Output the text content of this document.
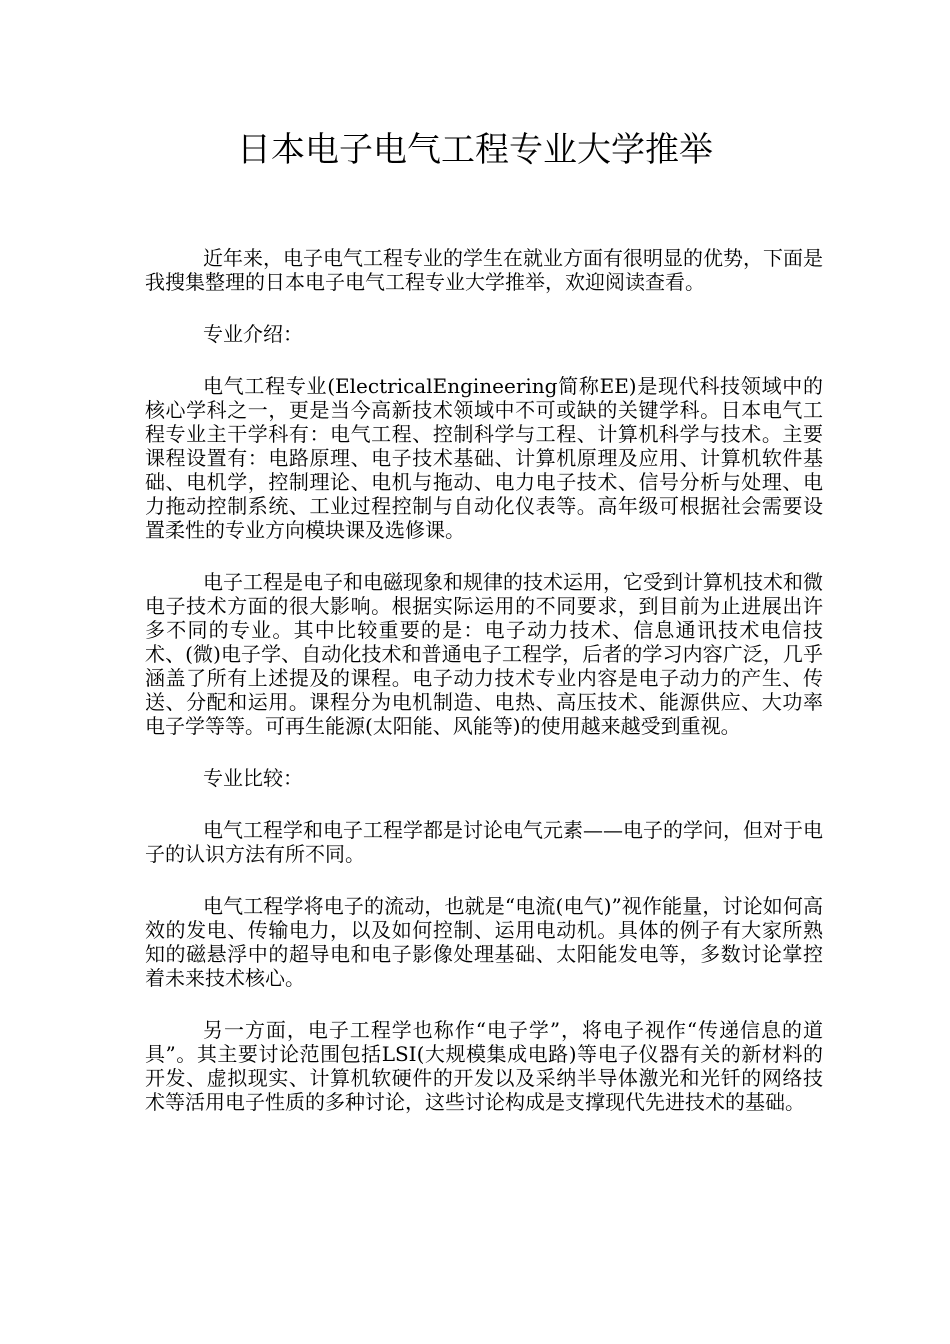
日本电子电气工程专业大学推举

近年来，电子电气工程专业的学生在就业方面有很明显的优势，下面是我搜集整理的日本电子电气工程专业大学推举，欢迎阅读查看。

专业介绍：

电气工程专业(ElectricalEngineering简称EE)是现代科技领域中的核心学科之一，更是当今高新技术领域中不可或缺的关键学科。日本电气工程专业主干学科有：电气工程、控制科学与工程、计算机科学与技术。主要课程设置有：电路原理、电子技术基础、计算机原理及应用、计算机软件基础、电机学，控制理论、电机与拖动、电力电子技术、信号分析与处理、电力拖动控制系统、工业过程控制与自动化仪表等。高年级可根据社会需要设置柔性的专业方向模块课及选修课。

电子工程是电子和电磁现象和规律的技术运用，它受到计算机技术和微电子技术方面的很大影响。根据实际运用的不同要求，到目前为止进展出许多不同的专业。其中比较重要的是：电子动力技术、信息通讯技术电信技术、(微)电子学、自动化技术和普通电子工程学，后者的学习内容广泛，几乎涵盖了所有上述提及的课程。电子动力技术专业内容是电子动力的产生、传送、分配和运用。课程分为电机制造、电热、高压技术、能源供应、大功率电子学等等。可再生能源(太阳能、风能等)的使用越来越受到重视。

专业比较：

电气工程学和电子工程学都是讨论电气元素——电子的学问，但对于电子的认识方法有所不同。

电气工程学将电子的流动，也就是“电流(电气)”视作能量，讨论如何高效的发电、传输电力，以及如何控制、运用电动机。具体的例子有大家所熟知的磁悬浮中的超导电和电子影像处理基础、太阳能发电等，多数讨论掌控着未来技术核心。

另一方面，电子工程学也称作“电子学”，将电子视作“传递信息的道具”。其主要讨论范围包括LSI(大规模集成电路)等电子仪器有关的新材料的开发、虚拟现实、计算机软硬件的开发以及采纳半导体激光和光钎的网络技术等活用电子性质的多种讨论，这些讨论构成是支撑现代先进技术的基础。
